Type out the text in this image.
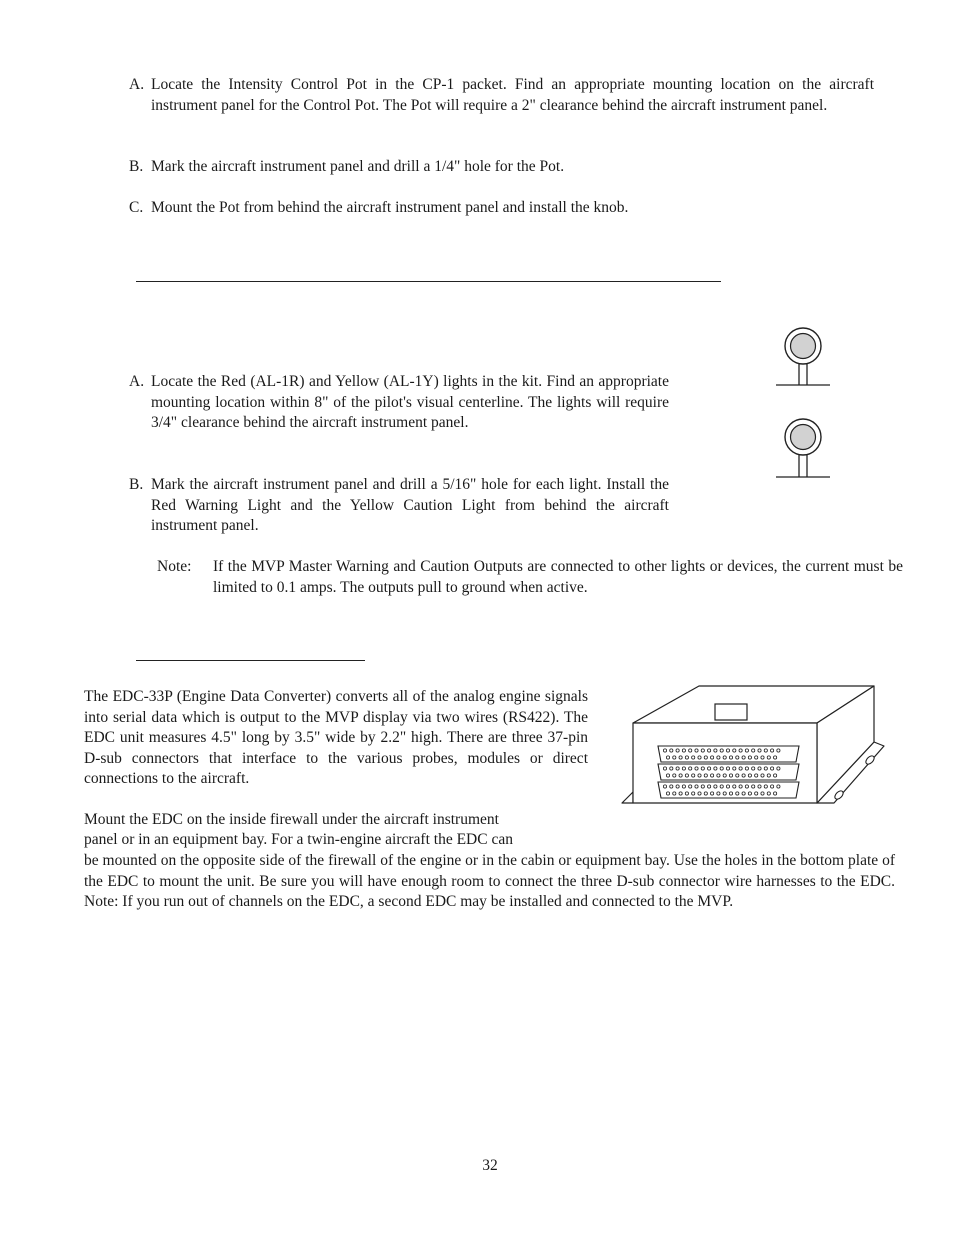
A. Locate the Intensity Control Pot in the CP-1 packet. Find an appropriate mounting location on the aircraft instrument panel for the Control Pot. The Pot will require a 2" clearance behind the aircraft instrument panel.
B. Mark the aircraft instrument panel and drill a 1/4" hole for the Pot.
C. Mount the Pot from behind the aircraft instrument panel and install the knob.
A. Locate the Red (AL-1R) and Yellow (AL-1Y) lights in the kit. Find an appropriate mounting location within 8" of the pilot's visual centerline. The lights will require 3/4" clearance behind the aircraft instrument panel.
B. Mark the aircraft instrument panel and drill a 5/16" hole for each light. Install the Red Warning Light and the Yellow Caution Light from behind the aircraft instrument panel.
Note: If the MVP Master Warning and Caution Outputs are connected to other lights or devices, the current must be limited to 0.1 amps. The outputs pull to ground when active.
The EDC-33P (Engine Data Converter) converts all of the analog engine signals into serial data which is output to the MVP display via two wires (RS422). The EDC unit measures 4.5" long by 3.5" wide by 2.2" high. There are three 37-pin D-sub connectors that interface to the various probes, modules or direct connections to the aircraft.
Mount the EDC on the inside firewall under the aircraft instrument
panel or in an equipment bay. For a twin-engine aircraft the EDC can
be mounted on the opposite side of the firewall of the engine or in the cabin or equipment bay. Use the holes in the bottom plate of the EDC to mount the unit. Be sure you will have enough room to connect the three D-sub connector wire harnesses to the EDC. Note: If you run out of channels on the EDC, a second EDC may be installed and connected to the MVP.
32
